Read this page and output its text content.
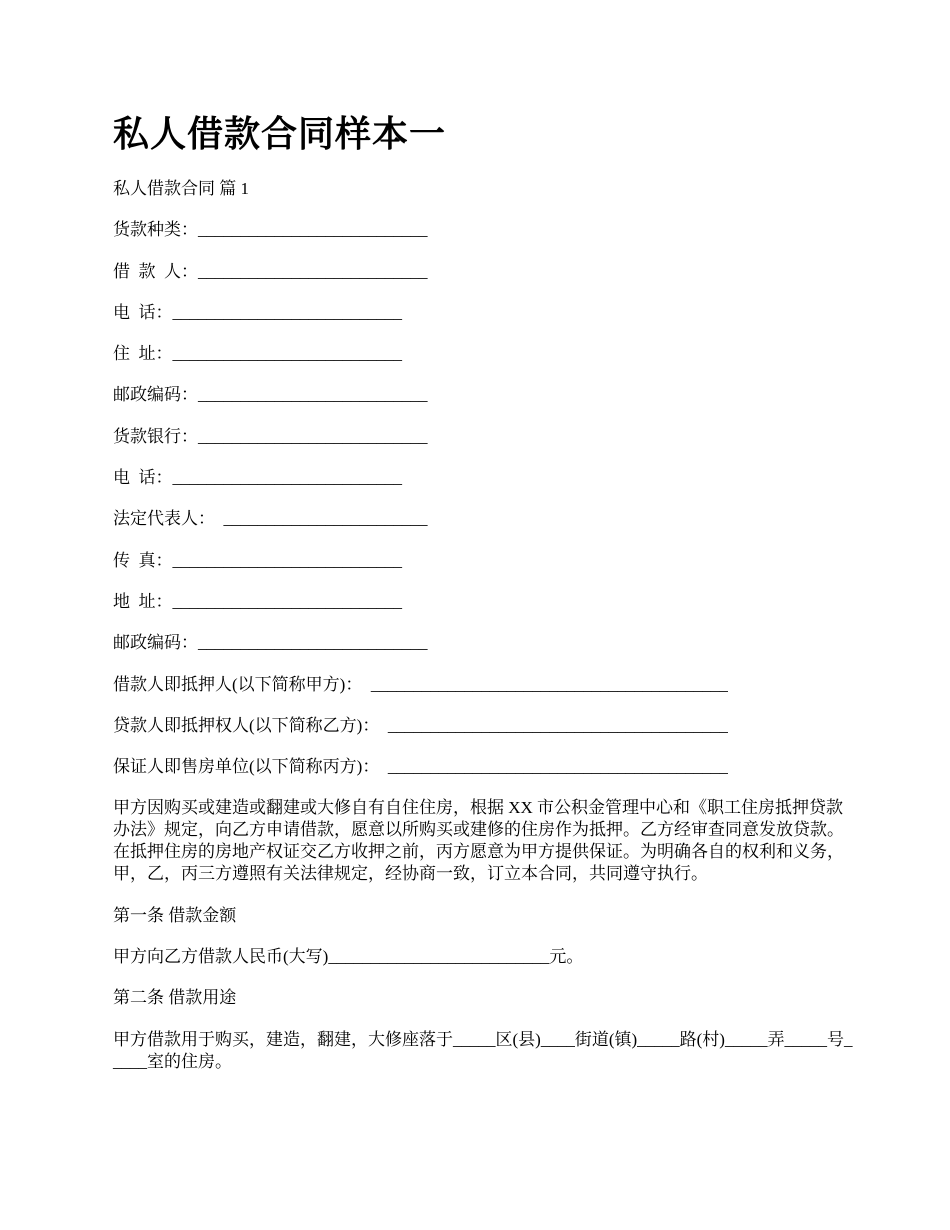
私人借款合同样本一
私人借款合同 篇 1
货款种类：___________________________
借  款  人：___________________________
电  话：___________________________
住  址：___________________________
邮政编码：___________________________
货款银行：___________________________
电  话：___________________________
法定代表人：  ________________________
传  真：___________________________
地  址：___________________________
邮政编码：___________________________
借款人即抵押人(以下简称甲方)：  __________________________________________
贷款人即抵押权人(以下简称乙方)：  ________________________________________
保证人即售房单位(以下简称丙方)：  ________________________________________
甲方因购买或建造或翻建或大修自有自住住房，根据 XX 市公积金管理中心和《职工住房抵押贷款办法》规定，向乙方申请借款，愿意以所购买或建修的住房作为抵押。乙方经审查同意发放贷款。在抵押住房的房地产权证交乙方收押之前，丙方愿意为甲方提供保证。为明确各自的权利和义务，甲，乙，丙三方遵照有关法律规定，经协商一致，订立本合同，共同遵守执行。
第一条 借款金额
甲方向乙方借款人民币(大写)__________________________元。
第二条 借款用途
甲方借款用于购买，建造，翻建，大修座落于_____区(县)____街道(镇)_____路(村)_____弄_____号_____室的住房。
